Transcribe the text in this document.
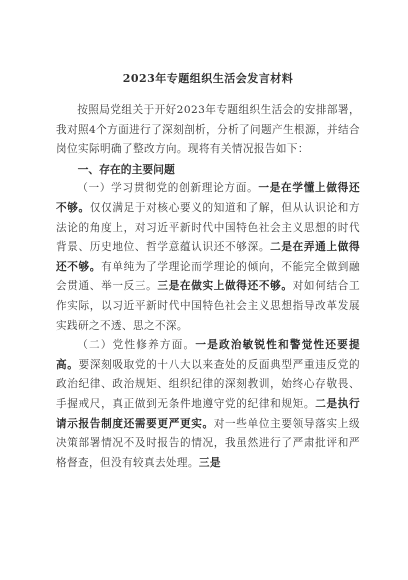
2023年专题组织生活会发言材料

按照局党组关于开好2023年专题组织生活会的安排部署，我对照4个方面进行了深刻剖析，分析了问题产生根源，并结合岗位实际明确了整改方向。现将有关情况报告如下：

一、存在的主要问题

（一）学习贯彻党的创新理论方面。一是在学懂上做得还不够。仅仅满足于对核心要义的知道和了解，但从认识论和方法论的角度上，对习近平新时代中国特色社会主义思想的时代背景、历史地位、哲学意蕴认识还不够深。二是在弄通上做得还不够。有单纯为了学理论而学理论的倾向，不能完全做到融会贯通、举一反三。三是在做实上做得还不够。对如何结合工作实际，以习近平新时代中国特色社会主义思想指导改革发展实践研之不透、思之不深。

（二）党性修养方面。一是政治敏锐性和警觉性还要提高。要深刻吸取党的十八大以来查处的反面典型严重违反党的政治纪律、政治规矩、组织纪律的深刻教训，始终心存敬畏、手握戒尺，真正做到无条件地遵守党的纪律和规矩。二是执行请示报告制度还需要更严更实。对一些单位主要领导落实上级决策部署情况不及时报告的情况，我虽然进行了严肃批评和严格督查，但没有较真去处理。三是
